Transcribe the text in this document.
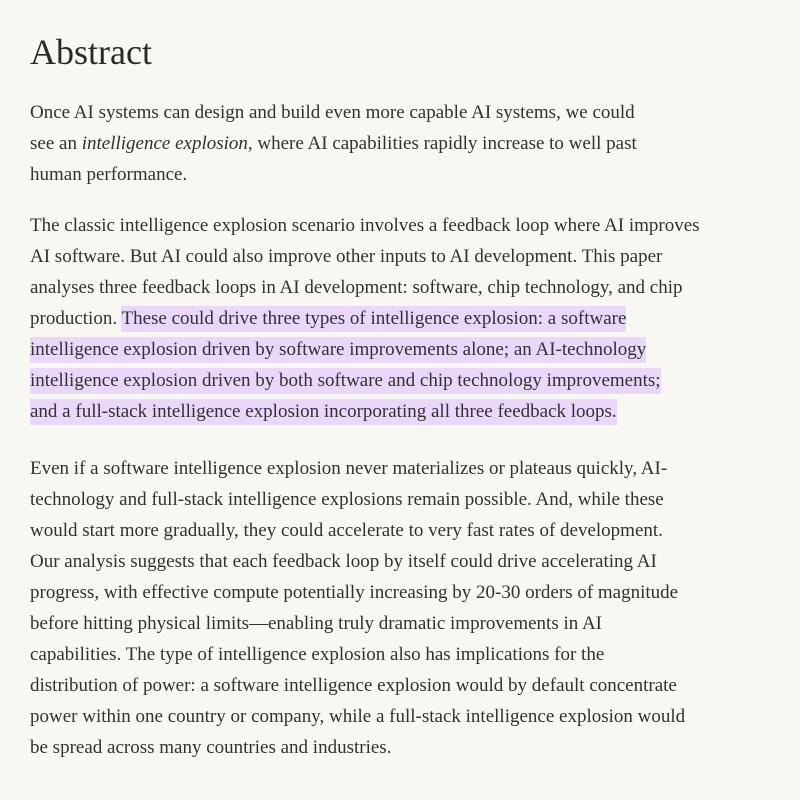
Abstract

Once AI systems can design and build even more capable AI systems, we could
see an intelligence explosion, where AI capabilities rapidly increase to well past
human performance.

The classic intelligence explosion scenario involves a feedback loop where AI improves
AI software. But AI could also improve other inputs to AI development. This paper
analyses three feedback loops in AI development: software, chip technology, and chip
production. These could drive three types of intelligence explosion: a software
intelligence explosion driven by software improvements alone; an AI-technology
intelligence explosion driven by both software and chip technology improvements;
and a full-stack intelligence explosion incorporating all three feedback loops.

Even if a software intelligence explosion never materializes or plateaus quickly, AI-
technology and full-stack intelligence explosions remain possible. And, while these
would start more gradually, they could accelerate to very fast rates of development.
Our analysis suggests that each feedback loop by itself could drive accelerating AI
progress, with effective compute potentially increasing by 20-30 orders of magnitude
before hitting physical limits—enabling truly dramatic improvements in AI
capabilities. The type of intelligence explosion also has implications for the
distribution of power: a software intelligence explosion would by default concentrate
power within one country or company, while a full-stack intelligence explosion would
be spread across many countries and industries.
